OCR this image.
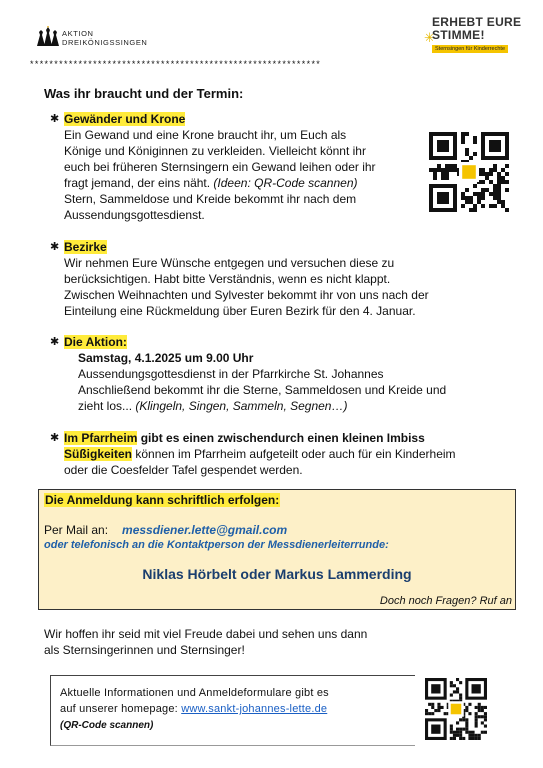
AKTION
DREIKÖNIGSSINGEN
ERHEBT EURE
✳
STIMME!
Sternsingen für Kinderrechte
************************************************************
Was ihr braucht und der Termin:
✱ Gewänder und Krone
Ein Gewand und eine Krone braucht ihr, um Euch als
Könige und Königinnen zu verkleiden. Vielleicht könnt ihr
euch bei früheren Sternsingern ein Gewand leihen oder ihr
fragt jemand, der eins näht. (Ideen: QR-Code scannen)
Stern, Sammeldose und Kreide bekommt ihr nach dem
Aussendungsgottesdienst.
✱ Bezirke
Wir nehmen Eure Wünsche entgegen und versuchen diese zu
berücksichtigen. Habt bitte Verständnis, wenn es nicht klappt.
Zwischen Weihnachten und Sylvester bekommt ihr von uns nach der
Einteilung eine Rückmeldung über Euren Bezirk für den 4. Januar.
✱ Die Aktion:
Samstag, 4.1.2025 um 9.00 Uhr
Aussendungsgottesdienst in der Pfarrkirche St. Johannes
Anschließend bekommt ihr die Sterne, Sammeldosen und Kreide und
zieht los... (Klingeln, Singen, Sammeln, Segnen…)
✱ Im Pfarrheim gibt es einen zwischendurch einen kleinen Imbiss
Süßigkeiten können im Pfarrheim aufgeteilt oder auch für ein Kinderheim
oder die Coesfelder Tafel gespendet werden.
Die Anmeldung kann schriftlich erfolgen:
Per Mail an: messdiener.lette@gmail.com
oder telefonisch an die Kontaktperson der Messdienerleiterrunde:
Niklas Hörbelt oder Markus Lammerding
Doch noch Fragen? Ruf an
Wir hoffen ihr seid mit viel Freude dabei und sehen uns dann
als Sternsingerinnen und Sternsinger!
Aktuelle Informationen und Anmeldeformulare gibt es
auf unserer homepage: www.sankt-johannes-lette.de
(QR-Code scannen)
